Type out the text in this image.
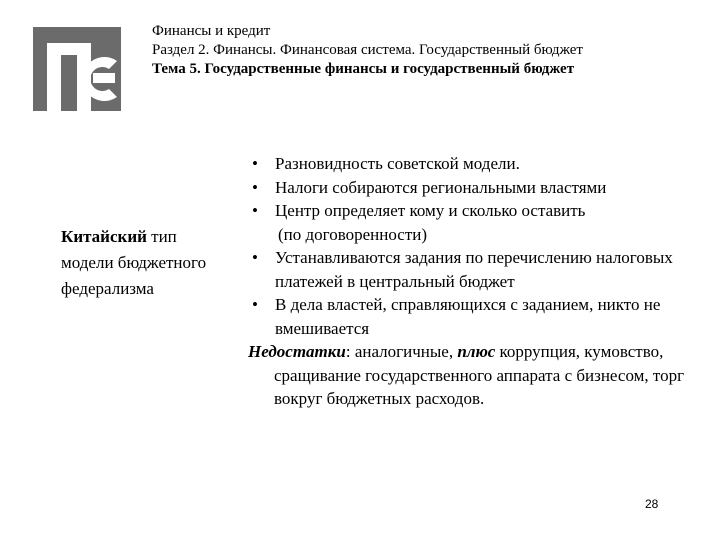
Финансы и кредит
Раздел 2. Финансы. Финансовая система. Государственный бюджет
Тема 5. Государственные финансы и государственный бюджет
Китайский тип модели бюджетного федерализма
• Разновидность советской модели.
• Налоги собираются региональными властями
• Центр определяет кому и сколько оставить
(по договоренности)
• Устанавливаются задания по перечислению налоговых платежей в центральный бюджет
• В дела властей, справляющихся с заданием, никто не вмешивается
Недостатки: аналогичные, плюс коррупция, кумовство, сращивание государственного аппарата с бизнесом, торг вокруг бюджетных расходов.
28
